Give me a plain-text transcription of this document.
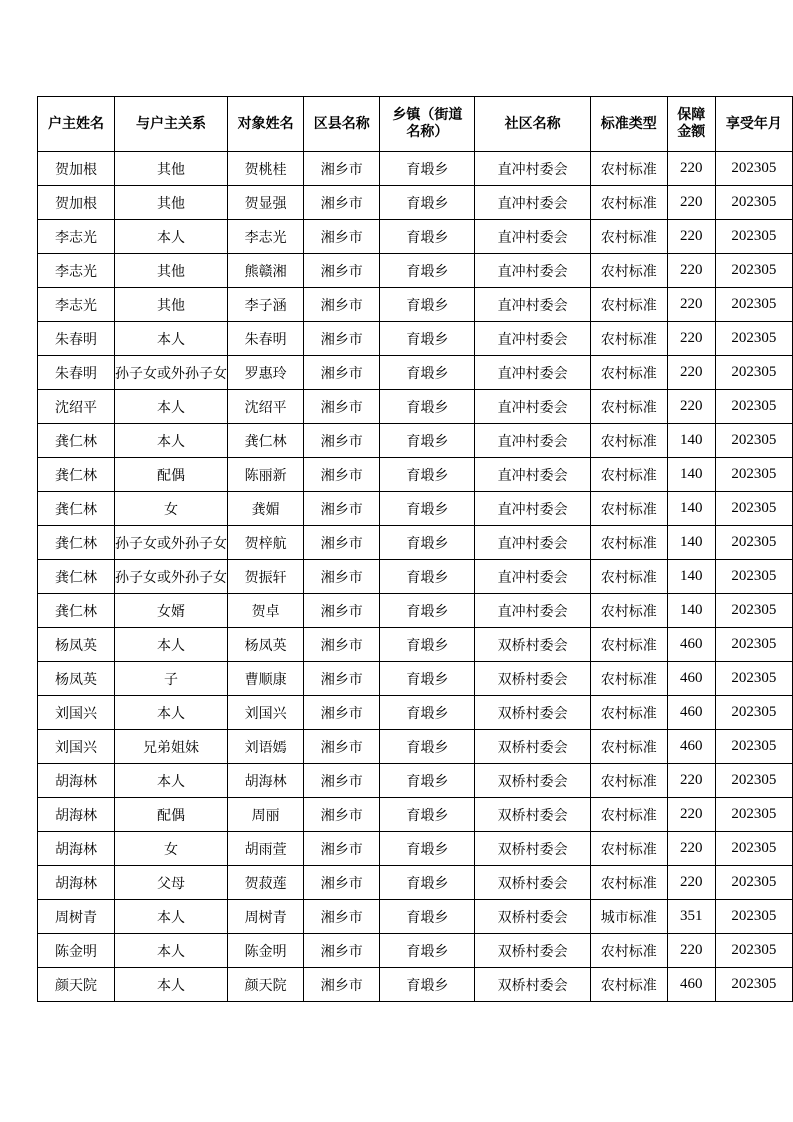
户主姓名	与户主关系	对象姓名	区县名称	乡镇（街道名称）	社区名称	标准类型	保障金额	享受年月
贺加根	其他	贺桃桂	湘乡市	育塅乡	直冲村委会	农村标准	220	202305
贺加根	其他	贺显强	湘乡市	育塅乡	直冲村委会	农村标准	220	202305
李志光	本人	李志光	湘乡市	育塅乡	直冲村委会	农村标准	220	202305
李志光	其他	熊赣湘	湘乡市	育塅乡	直冲村委会	农村标准	220	202305
李志光	其他	李子涵	湘乡市	育塅乡	直冲村委会	农村标准	220	202305
朱春明	本人	朱春明	湘乡市	育塅乡	直冲村委会	农村标准	220	202305
朱春明	孙子女或外孙子女	罗惠玲	湘乡市	育塅乡	直冲村委会	农村标准	220	202305
沈绍平	本人	沈绍平	湘乡市	育塅乡	直冲村委会	农村标准	220	202305
龚仁林	本人	龚仁林	湘乡市	育塅乡	直冲村委会	农村标准	140	202305
龚仁林	配偶	陈丽新	湘乡市	育塅乡	直冲村委会	农村标准	140	202305
龚仁林	女	龚媚	湘乡市	育塅乡	直冲村委会	农村标准	140	202305
龚仁林	孙子女或外孙子女	贺梓航	湘乡市	育塅乡	直冲村委会	农村标准	140	202305
龚仁林	孙子女或外孙子女	贺振轩	湘乡市	育塅乡	直冲村委会	农村标准	140	202305
龚仁林	女婿	贺卓	湘乡市	育塅乡	直冲村委会	农村标准	140	202305
杨凤英	本人	杨凤英	湘乡市	育塅乡	双桥村委会	农村标准	460	202305
杨凤英	子	曹顺康	湘乡市	育塅乡	双桥村委会	农村标准	460	202305
刘国兴	本人	刘国兴	湘乡市	育塅乡	双桥村委会	农村标准	460	202305
刘国兴	兄弟姐妹	刘语嫣	湘乡市	育塅乡	双桥村委会	农村标准	460	202305
胡海林	本人	胡海林	湘乡市	育塅乡	双桥村委会	农村标准	220	202305
胡海林	配偶	周丽	湘乡市	育塅乡	双桥村委会	农村标准	220	202305
胡海林	女	胡雨萱	湘乡市	育塅乡	双桥村委会	农村标准	220	202305
胡海林	父母	贺菽莲	湘乡市	育塅乡	双桥村委会	农村标准	220	202305
周树青	本人	周树青	湘乡市	育塅乡	双桥村委会	城市标准	351	202305
陈金明	本人	陈金明	湘乡市	育塅乡	双桥村委会	农村标准	220	202305
颜天院	本人	颜天院	湘乡市	育塅乡	双桥村委会	农村标准	460	202305
